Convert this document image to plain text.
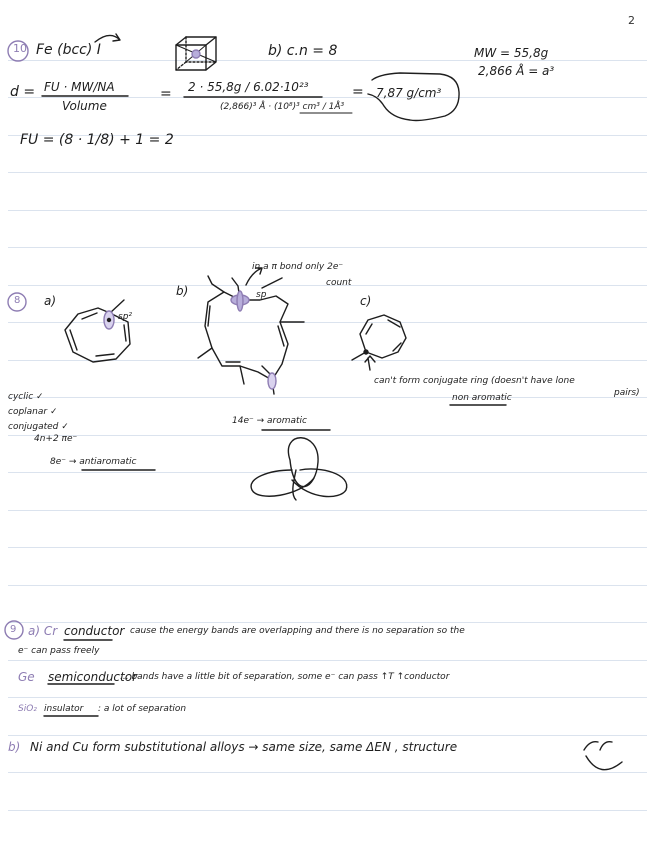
2
10 Fe (bcc) I	b) c.n = 8	MW = 55,8g
2,866 Å = a³
d = FU · MW/NA
Volume
= 2 · 55,8g / 6.02·10²³
(2,866)³ Å · (10⁸)³ cm³ / 1Å³
= 7,87 g/cm³
FU = (8 · 1/8) + 1 = 2
8 a)
sp²
b)	sp
in a π bond only 2e⁻
count
c)
cyclic ✓
coplanar ✓
conjugated ✓
4n+2 πe⁻
8e⁻ → antiaromatic
14e⁻ → aromatic
can't form conjugate ring (doesn't have lone
pairs)
non aromatic
9 a) Cr conductor cause the energy bands are overlapping and there is no separation so the
e⁻ can pass freely
Ge semiconductor
... bands have a little bit of separation, some e⁻ can pass ↑T ↑conductor
SiO₂ insulator : a lot of separation
b) Ni and Cu form substitutional alloys → same size, same ΔEN , structure
